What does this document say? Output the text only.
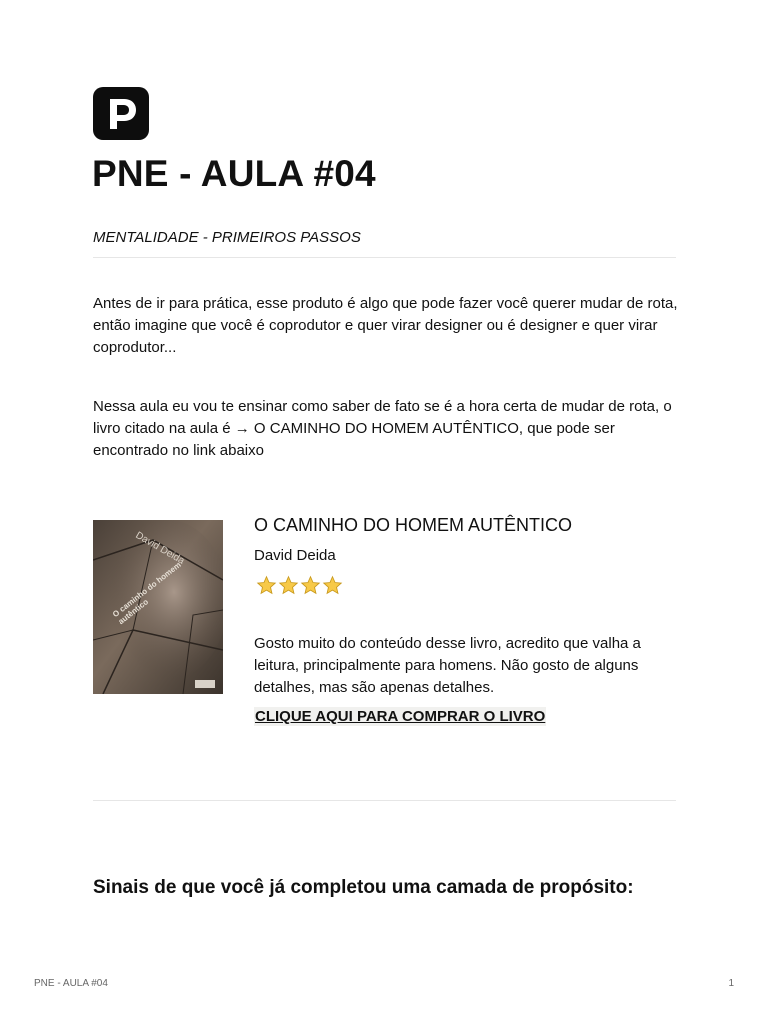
PNE - AULA #04

MENTALIDADE - PRIMEIROS PASSOS

Antes de ir para prática, esse produto é algo que pode fazer você querer mudar de rota, então imagine que você é coprodutor e quer virar designer ou é designer e quer virar coprodutor...

Nessa aula eu vou te ensinar como saber de fato se é a hora certa de mudar de rota, o livro citado na aula é → O CAMINHO DO HOMEM AUTÊNTICO, que pode ser encontrado no link abaixo

David Deida
O caminho do homem autêntico
O CAMINHO DO HOMEM AUTÊNTICO

David Deida

Gosto muito do conteúdo desse livro, acredito que valha a leitura, principalmente para homens. Não gosto de alguns detalhes, mas são apenas detalhes.

CLIQUE AQUI PARA COMPRAR O LIVRO
Sinais de que você já completou uma camada de propósito:
PNE - AULA #04	1
